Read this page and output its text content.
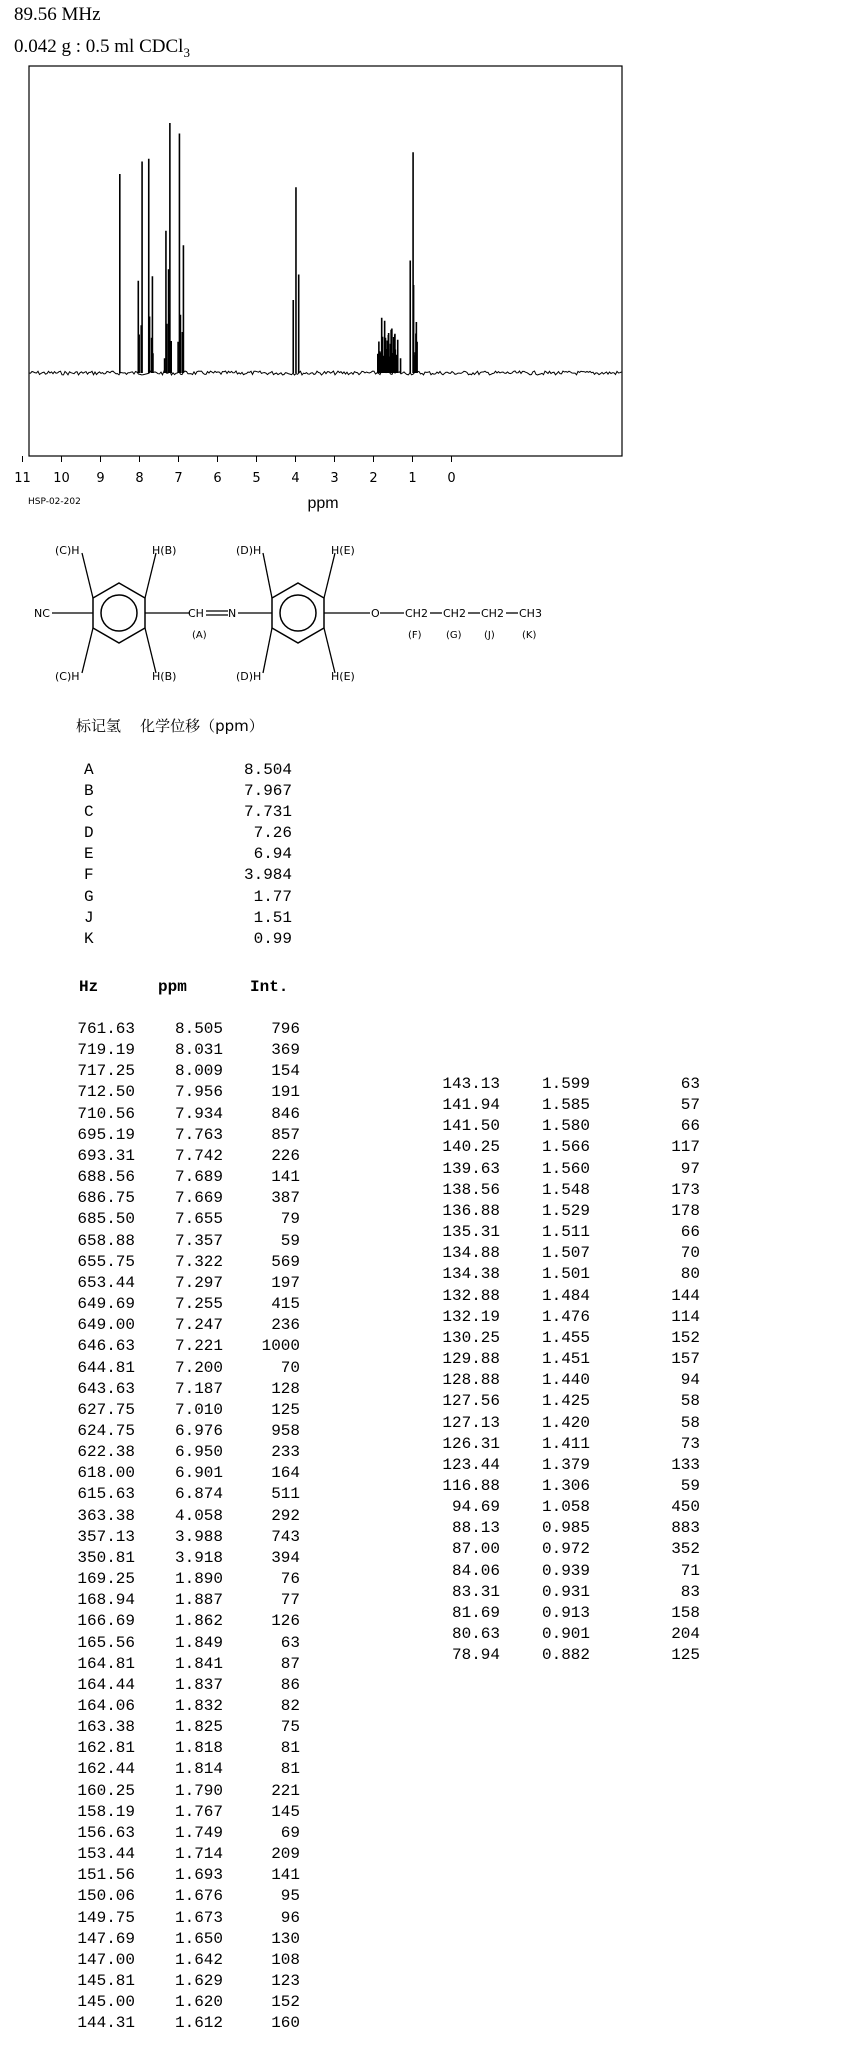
89.56 MHz
0.042 g : 0.5 ml CDCl$_3$
11 10 9 8 7 6 5 4 3 2 1 0
ppm
HSP-02-202
NC	CH N	O CH2 CH2 CH2 CH3
(C)H	H(B)	(D)H	H(E)
(C)H	H(B)	(D)H	H(E)
(A)	(F) (G) (J)	(K)
标记氢 化学位移（ppm）
A	8.504
B	7.967
C	7.731
D	7.26
E	6.94
F	3.984
G	1.77
J	1.51
K	0.99
Hz	ppm	Int.
761.63	8.505	796
719.19	8.031	369
717.25	8.009	154
712.50	7.956	191
710.56	7.934	846
695.19	7.763	857
693.31	7.742	226
688.56	7.689	141
686.75	7.669	387
685.50	7.655	79
658.88	7.357	59
655.75	7.322	569
653.44	7.297	197
649.69	7.255	415
649.00	7.247	236
646.63	7.221	1000
644.81	7.200	70
643.63	7.187	128
627.75	7.010	125
624.75	6.976	958
622.38	6.950	233
618.00	6.901	164
615.63	6.874	511
363.38	4.058	292
357.13	3.988	743
350.81	3.918	394
169.25	1.890	76
168.94	1.887	77
166.69	1.862	126
165.56	1.849	63
164.81	1.841	87
164.44	1.837	86
164.06	1.832	82
163.38	1.825	75
162.81	1.818	81
162.44	1.814	81
160.25	1.790	221
158.19	1.767	145
156.63	1.749	69
153.44	1.714	209
151.56	1.693	141
150.06	1.676	95
149.75	1.673	96
147.69	1.650	130
147.00	1.642	108
145.81	1.629	123
145.00	1.620	152
144.31	1.612	160
143.13	1.599	63
141.94	1.585	57
141.50	1.580	66
140.25	1.566	117
139.63	1.560	97
138.56	1.548	173
136.88	1.529	178
135.31	1.511	66
134.88	1.507	70
134.38	1.501	80
132.88	1.484	144
132.19	1.476	114
130.25	1.455	152
129.88	1.451	157
128.88	1.440	94
127.56	1.425	58
127.13	1.420	58
126.31	1.411	73
123.44	1.379	133
116.88	1.306	59
94.69	1.058	450
88.13	0.985	883
87.00	0.972	352
84.06	0.939	71
83.31	0.931	83
81.69	0.913	158
80.63	0.901	204
78.94	0.882	125
